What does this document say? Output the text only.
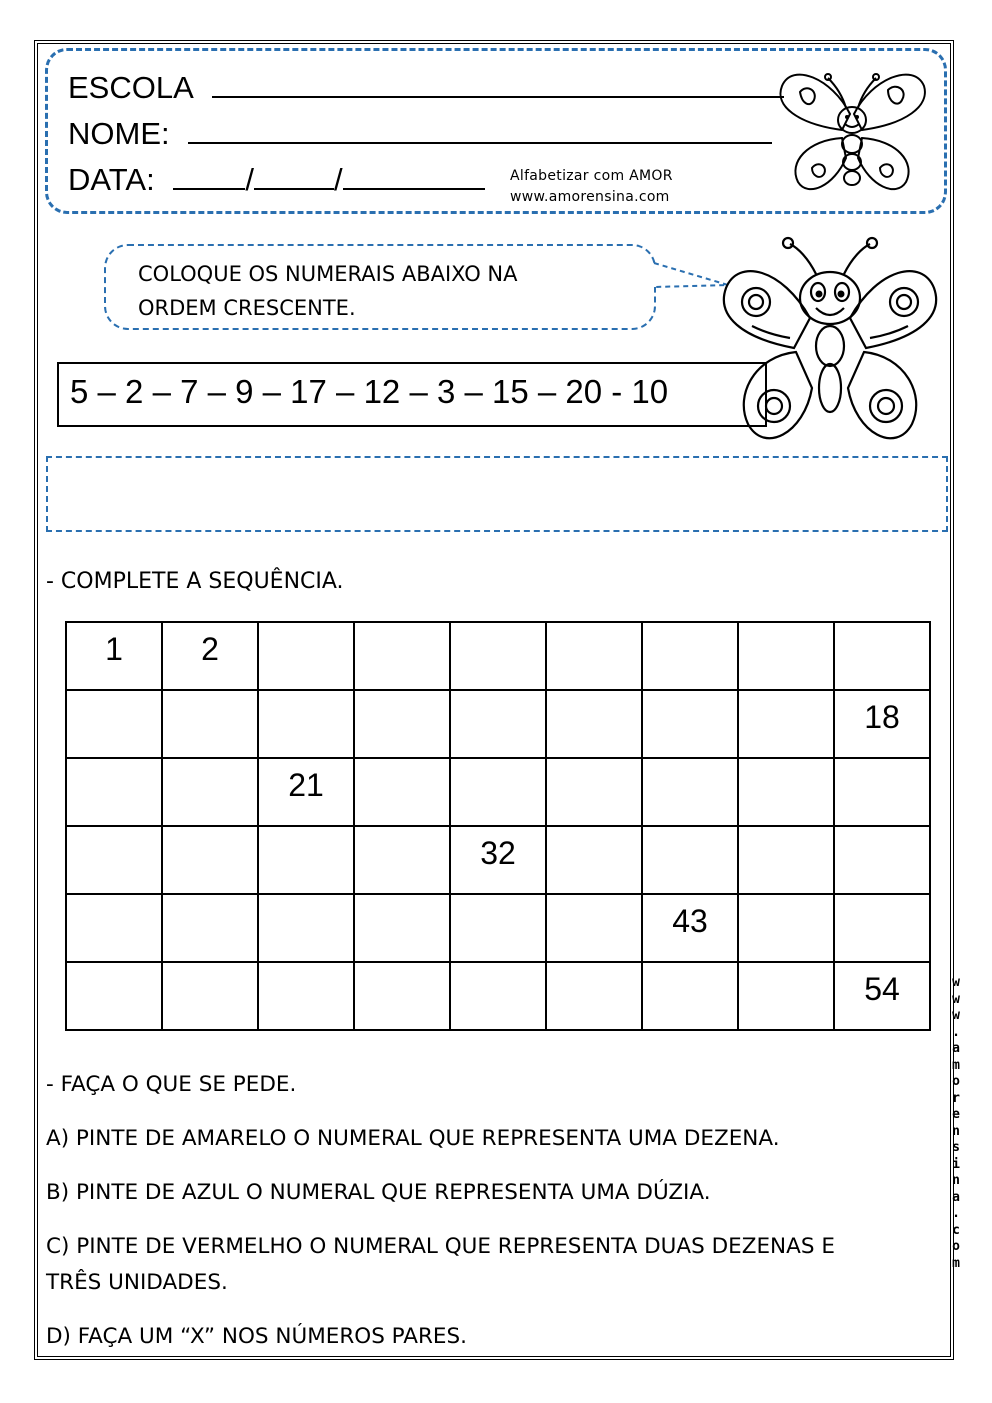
ESCOLA
NOME:
DATA:	/	/	Alfabetizar com AMOR
www.amorensina.com
COLOQUE OS NUMERAIS ABAIXO NA
ORDEM CRESCENTE.
5 – 2 – 7 – 9 – 17 – 12 – 3 – 15 – 20 - 10
- COMPLETE A SEQUÊNCIA.
1	2							

								18

		21						

				32				

						43		

								54
- FAÇA O QUE SE PEDE.
A) PINTE DE AMARELO O NUMERAL QUE REPRESENTA UMA DEZENA.
B) PINTE DE AZUL O NUMERAL QUE REPRESENTA UMA DÚZIA.
C) PINTE DE VERMELHO O NUMERAL QUE REPRESENTA DUAS DEZENAS E
TRÊS UNIDADES.
D) FAÇA UM “X” NOS NÚMEROS PARES.
w
w
w
.
a
m
o
r
e
n
s
i
n
a
.
c
o
m
